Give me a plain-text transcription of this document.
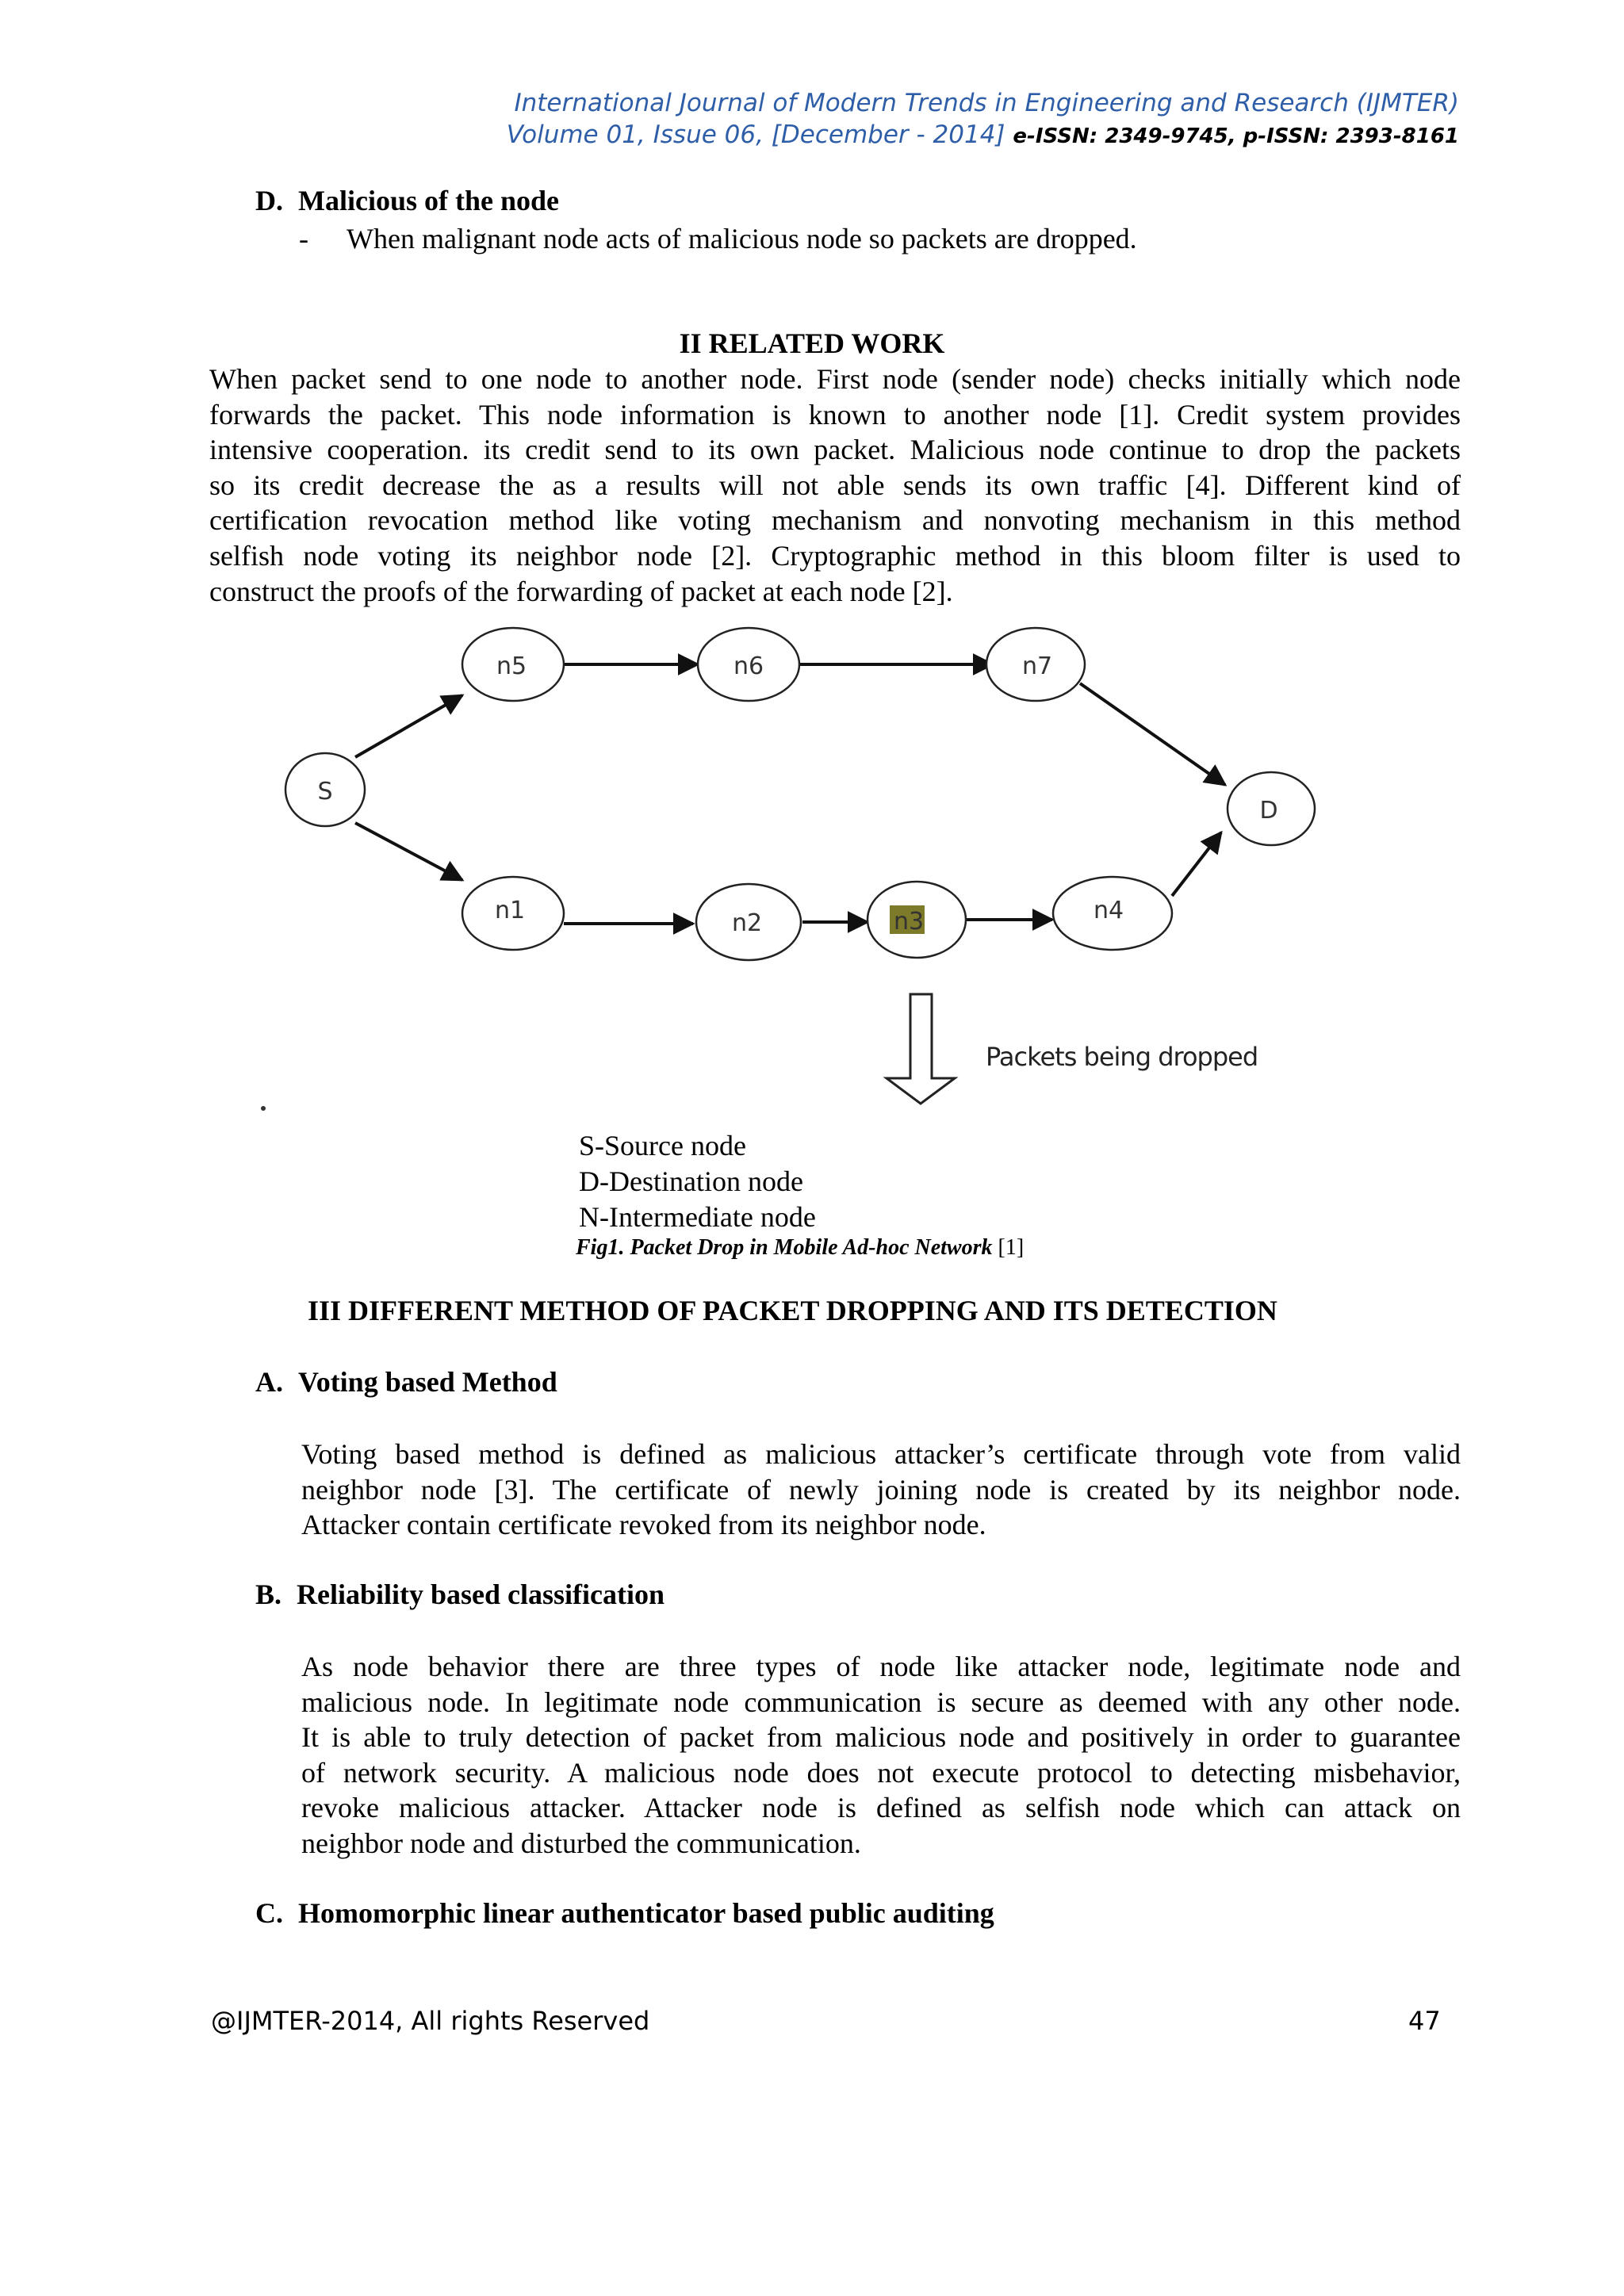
International Journal of Modern Trends in Engineering and Research (IJMTER)
Volume 01, Issue 06, [December - 2014] e-ISSN: 2349-9745, p-ISSN: 2393-8161
D. Malicious of the node
- When malignant node acts of malicious node so packets are dropped.
II RELATED WORK
When packet send to one node to another node. First node (sender node) checks initially which node
forwards the packet. This node information is known to another node [1]. Credit system provides
intensive cooperation. its credit send to its own packet. Malicious node continue to drop the packets
so its credit decrease the as a results will not able sends its own traffic [4]. Different kind of
certification revocation method like voting mechanism and nonvoting mechanism in this method
selfish node voting its neighbor node [2]. Cryptographic method in this bloom filter is used to
construct the proofs of the forwarding of packet at each node [2].
S
n5	n6	n7
D
n1	n2	n3	n4
Packets being dropped
S-Source node
D-Destination node
N-Intermediate node
Fig1. Packet Drop in Mobile Ad-hoc Network [1]
III DIFFERENT METHOD OF PACKET DROPPING AND ITS DETECTION
A. Voting based Method
Voting based method is defined as malicious attacker’s certificate through vote from valid
neighbor node [3]. The certificate of newly joining node is created by its neighbor node.
Attacker contain certificate revoked from its neighbor node.
B. Reliability based classification
As node behavior there are three types of node like attacker node, legitimate node and
malicious node. In legitimate node communication is secure as deemed with any other node.
It is able to truly detection of packet from malicious node and positively in order to guarantee
of network security. A malicious node does not execute protocol to detecting misbehavior,
revoke malicious attacker. Attacker node is defined as selfish node which can attack on
neighbor node and disturbed the communication.
C. Homomorphic linear authenticator based public auditing
@IJMTER-2014, All rights Reserved	47
